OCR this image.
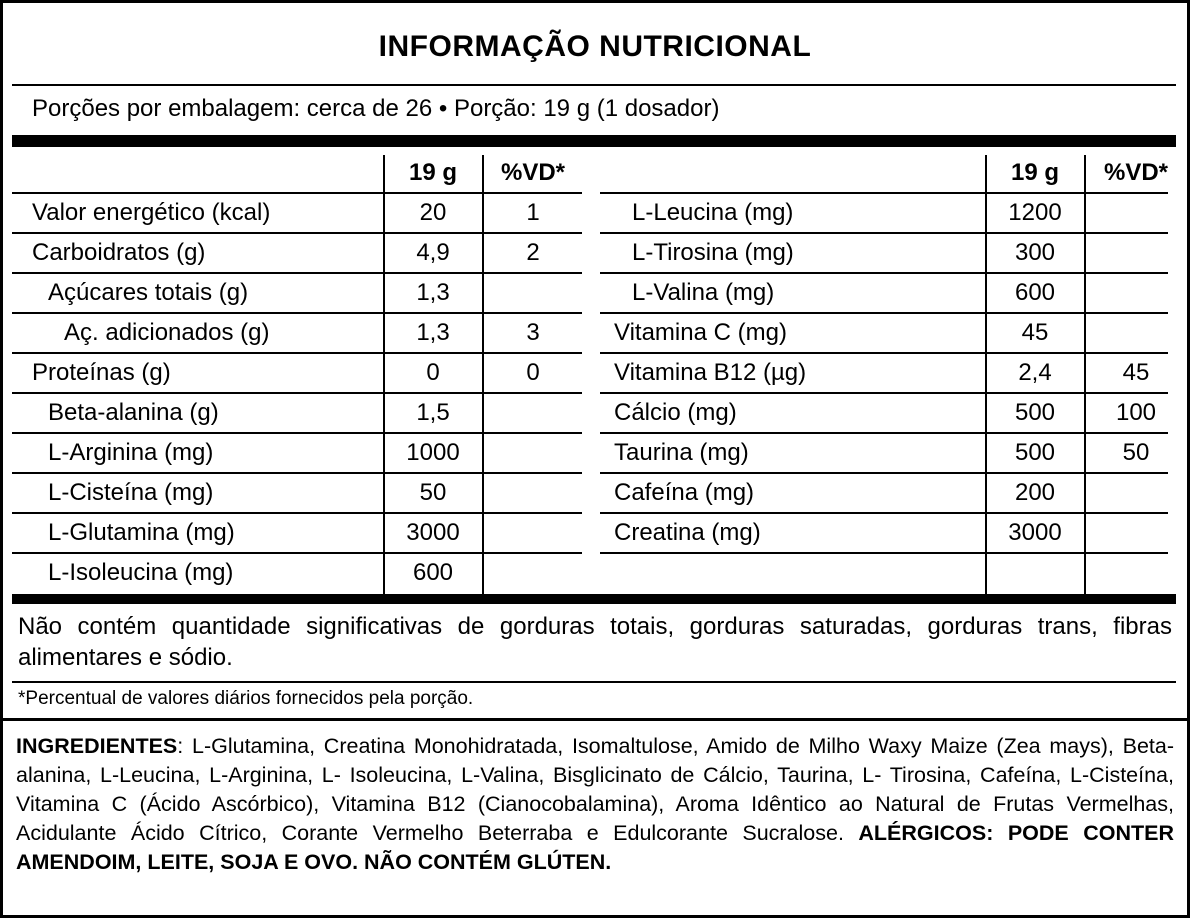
INFORMAÇÃO NUTRICIONAL
Porções por embalagem: cerca de 26 • Porção: 19 g (1 dosador)
19 g	%VD*	19 g	%VD*
Valor energético (kcal)	20	1
Carboidratos (g)	4,9	2
Açúcares totais (g)	1,3
Aç. adicionados (g)	1,3	3
Proteínas (g)	0	0
Beta-alanina (g)	1,5
L-Arginina (mg)	1000
L-Cisteína (mg)	50
L-Glutamina (mg)	3000
L-Isoleucina (mg)	600
L-Leucina (mg)	1200
L-Tirosina (mg)	300
L-Valina (mg)	600
Vitamina C (mg)	45
Vitamina B12 (µg)	2,4	45
Cálcio (mg)	500	100
Taurina (mg)	500	50
Cafeína (mg)	200
Creatina (mg)	3000
Não contém quantidade significativas de gorduras totais, gorduras saturadas, gorduras trans, fibras alimentares e sódio.
*Percentual de valores diários fornecidos pela porção.
INGREDIENTES: L-Glutamina, Creatina Monohidratada, Isomaltulose, Amido de Milho Waxy Maize (Zea mays), Beta-alanina, L-Leucina, L-Arginina, L- Isoleucina, L-Valina, Bisglicinato de Cálcio, Taurina, L- Tirosina, Cafeína, L-Cisteína, Vitamina C (Ácido Ascórbico), Vitamina B12 (Cianocobalamina), Aroma Idêntico ao Natural de Frutas Vermelhas, Acidulante Ácido Cítrico, Corante Vermelho Beterraba e Edulcorante Sucralose. ALÉRGICOS: PODE CONTER AMENDOIM, LEITE, SOJA E OVO. NÃO CONTÉM GLÚTEN.
